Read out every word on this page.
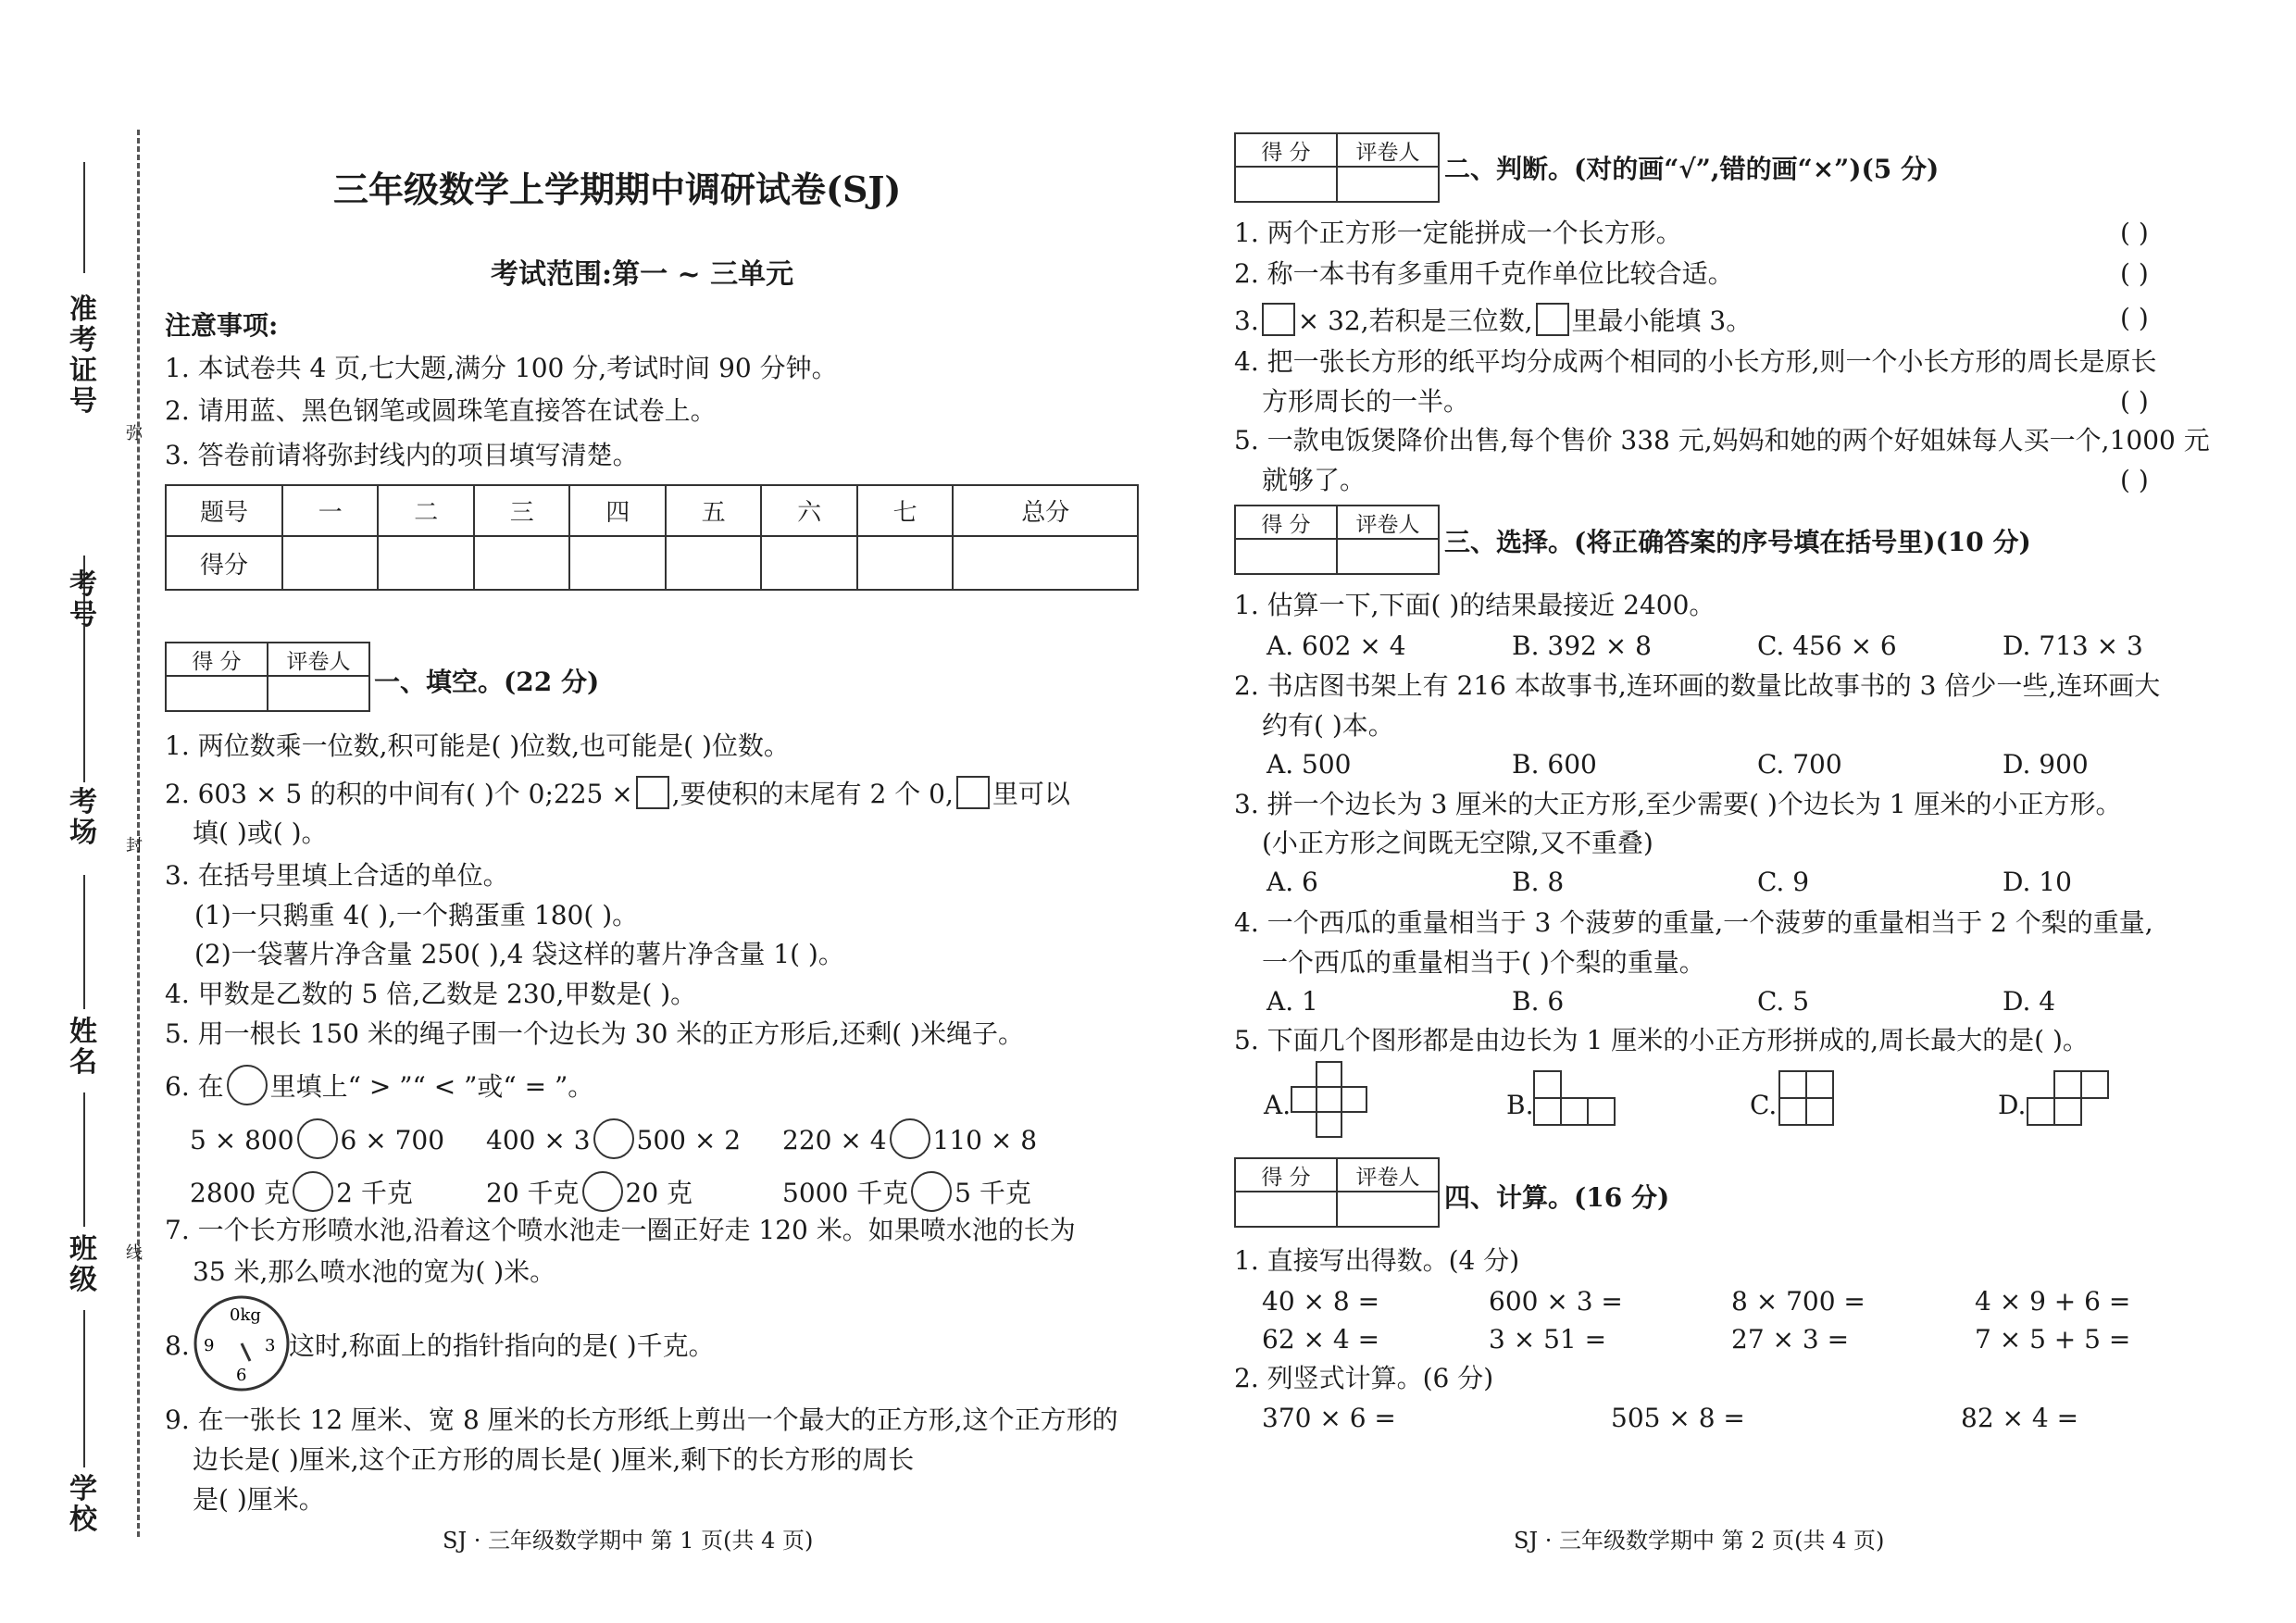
准考证号
考号
考场
姓名
班级
学校
弥
封
线
三年级数学上学期期中调研试卷(SJ)
考试范围:第一 ~ 三单元
注意事项:
1. 本试卷共 4 页,七大题,满分 100 分,考试时间 90 分钟。
2. 请用蓝、黑色钢笔或圆珠笔直接答在试卷上。
3. 答卷前请将弥封线内的项目填写清楚。
题号	一	二	三	四	五	六	七	总分
得分								
得 分	评卷人

一、填空。(22 分)
1. 两位数乘一位数,积可能是( )位数,也可能是( )位数。
2. 603 × 5 的积的中间有( )个 0;225 × ,要使积的末尾有 2 个 0, 里可以
填( )或( )。
3. 在括号里填上合适的单位。
(1)一只鹅重 4( ),一个鹅蛋重 180( )。
(2)一袋薯片净含量 250( ),4 袋这样的薯片净含量 1( )。
4. 甲数是乙数的 5 倍,乙数是 230,甲数是( )。
5. 用一根长 150 米的绳子围一个边长为 30 米的正方形后,还剩( )米绳子。
6. 在 里填上“ > ”“ < ”或“ = ”。
5 × 800 6 × 700 400 × 3 500 × 2 220 × 4 110 × 8
2800 克 2 千克	20 千克 20 克	5000 千克 5 千克
7. 一个长方形喷水池,沿着这个喷水池走一圈正好走 120 米。如果喷水池的长为
35 米,那么喷水池的宽为( )米。
8.
0kg
3
6
9	这时,称面上的指针指向的是( )千克。
9. 在一张长 12 厘米、宽 8 厘米的长方形纸上剪出一个最大的正方形,这个正方形的
边长是( )厘米,这个正方形的周长是( )厘米,剩下的长方形的周长
是( )厘米。
SJ · 三年级数学期中 第 1 页(共 4 页)
得 分	评卷人

二、判断。(对的画“√”,错的画“×”)(5 分)
1. 两个正方形一定能拼成一个长方形。	( )
2. 称一本书有多重用千克作单位比较合适。	( )
3. × 32,若积是三位数, 里最小能填 3。	( )
4. 把一张长方形的纸平均分成两个相同的小长方形,则一个小长方形的周长是原长
方形周长的一半。	( )
5. 一款电饭煲降价出售,每个售价 338 元,妈妈和她的两个好姐妹每人买一个,1000 元
就够了。	( )
得 分	评卷人

三、选择。(将正确答案的序号填在括号里)(10 分)
1. 估算一下,下面( )的结果最接近 2400。
A. 602 × 4	B. 392 × 8	C. 456 × 6	D. 713 × 3
2. 书店图书架上有 216 本故事书,连环画的数量比故事书的 3 倍少一些,连环画大
约有( )本。
A. 500	B. 600	C. 700	D. 900
3. 拼一个边长为 3 厘米的大正方形,至少需要( )个边长为 1 厘米的小正方形。
(小正方形之间既无空隙,又不重叠)
A. 6	B. 8	C. 9	D. 10
4. 一个西瓜的重量相当于 3 个菠萝的重量,一个菠萝的重量相当于 2 个梨的重量,
一个西瓜的重量相当于( )个梨的重量。
A. 1	B. 6	C. 5	D. 4
5. 下面几个图形都是由边长为 1 厘米的小正方形拼成的,周长最大的是( )。
A.	B.	C.	D.
得 分	评卷人

四、计算。(16 分)
1. 直接写出得数。(4 分)
40 × 8 =	600 × 3 =	8 × 700 =	4 × 9 + 6 =
62 × 4 =	3 × 51 =	27 × 3 =	7 × 5 + 5 =
2. 列竖式计算。(6 分)
370 × 6 =	505 × 8 =	82 × 4 =
SJ · 三年级数学期中 第 2 页(共 4 页)
